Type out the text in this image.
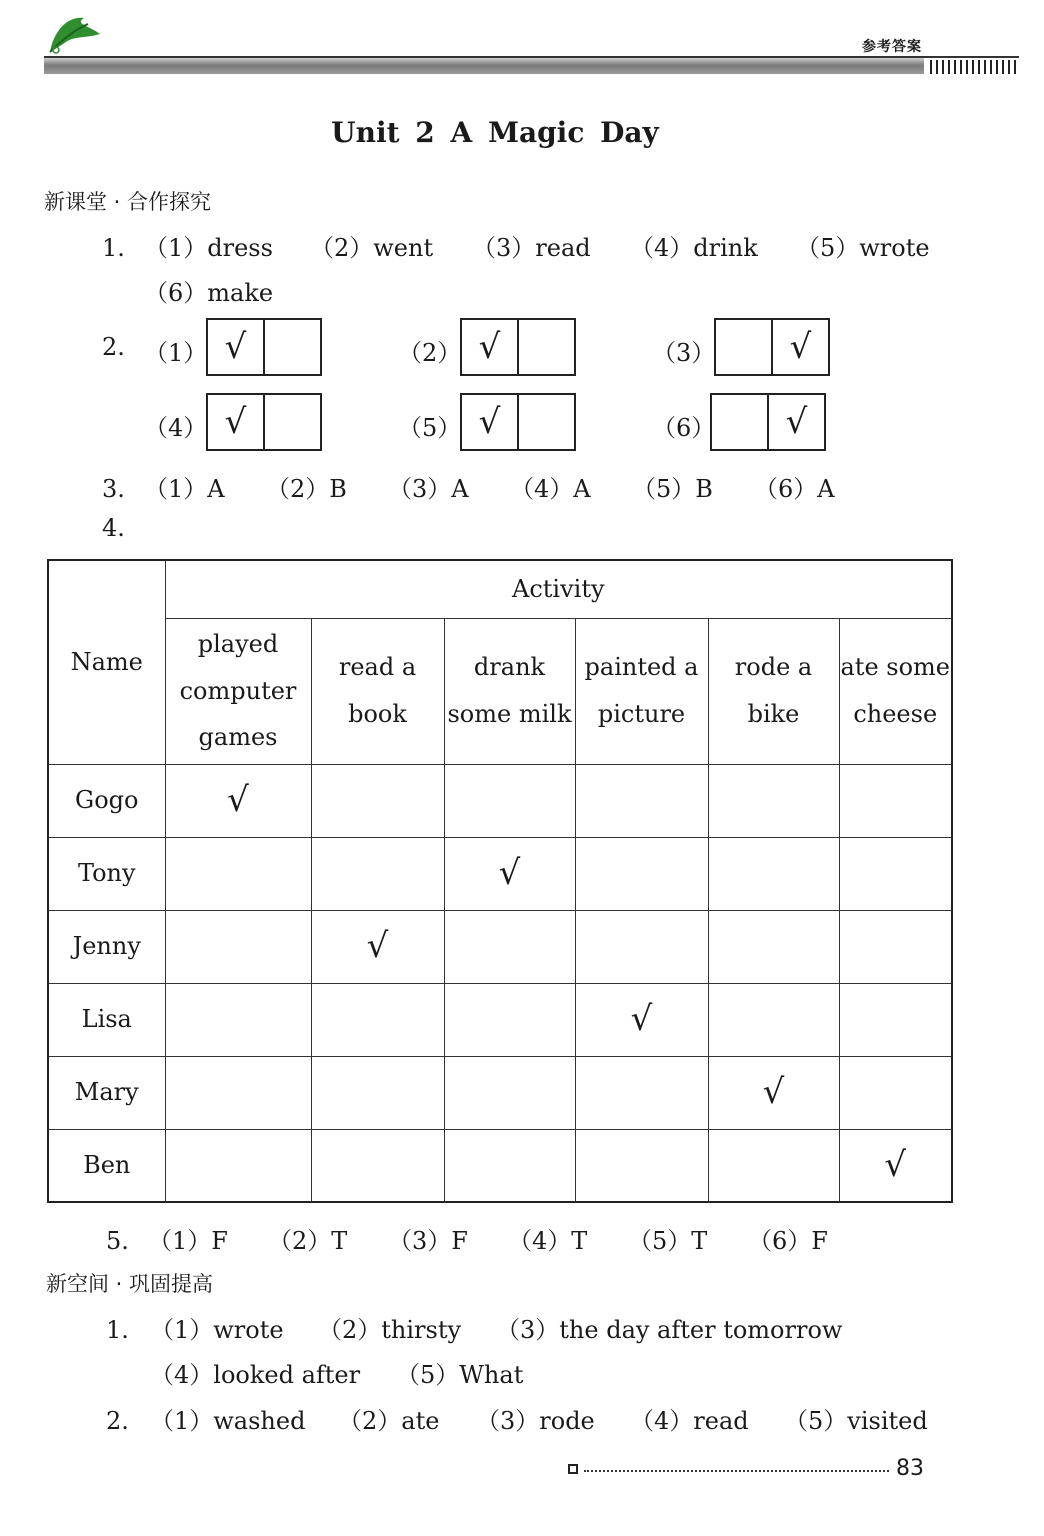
参考答案
Unit 2 A Magic Day
新课堂 · 合作探究
1. （1）dress （2）went （3）read （4）drink （5）wrote
（6）make
2. （1） √	（2） √	（3）	√
（4） √	（5） √	（6）	√
3. （1）A （2）B （3）A （4）A （5）B （6）A
4.
Name	Activity					
	played computer games	read a book	drank some milk	painted a picture	rode a bike	ate some cheese
Gogo	√					
Tony			√			
Jenny		√				
Lisa				√		
Mary					√	
Ben						√
5. （1）F （2）T （3）F （4）T （5）T （6）F
新空间 · 巩固提高
1. （1）wrote （2）thirsty （3）the day after tomorrow
（4）looked after （5）What
2. （1）washed （2）ate （3）rode （4）read （5）visited
83
